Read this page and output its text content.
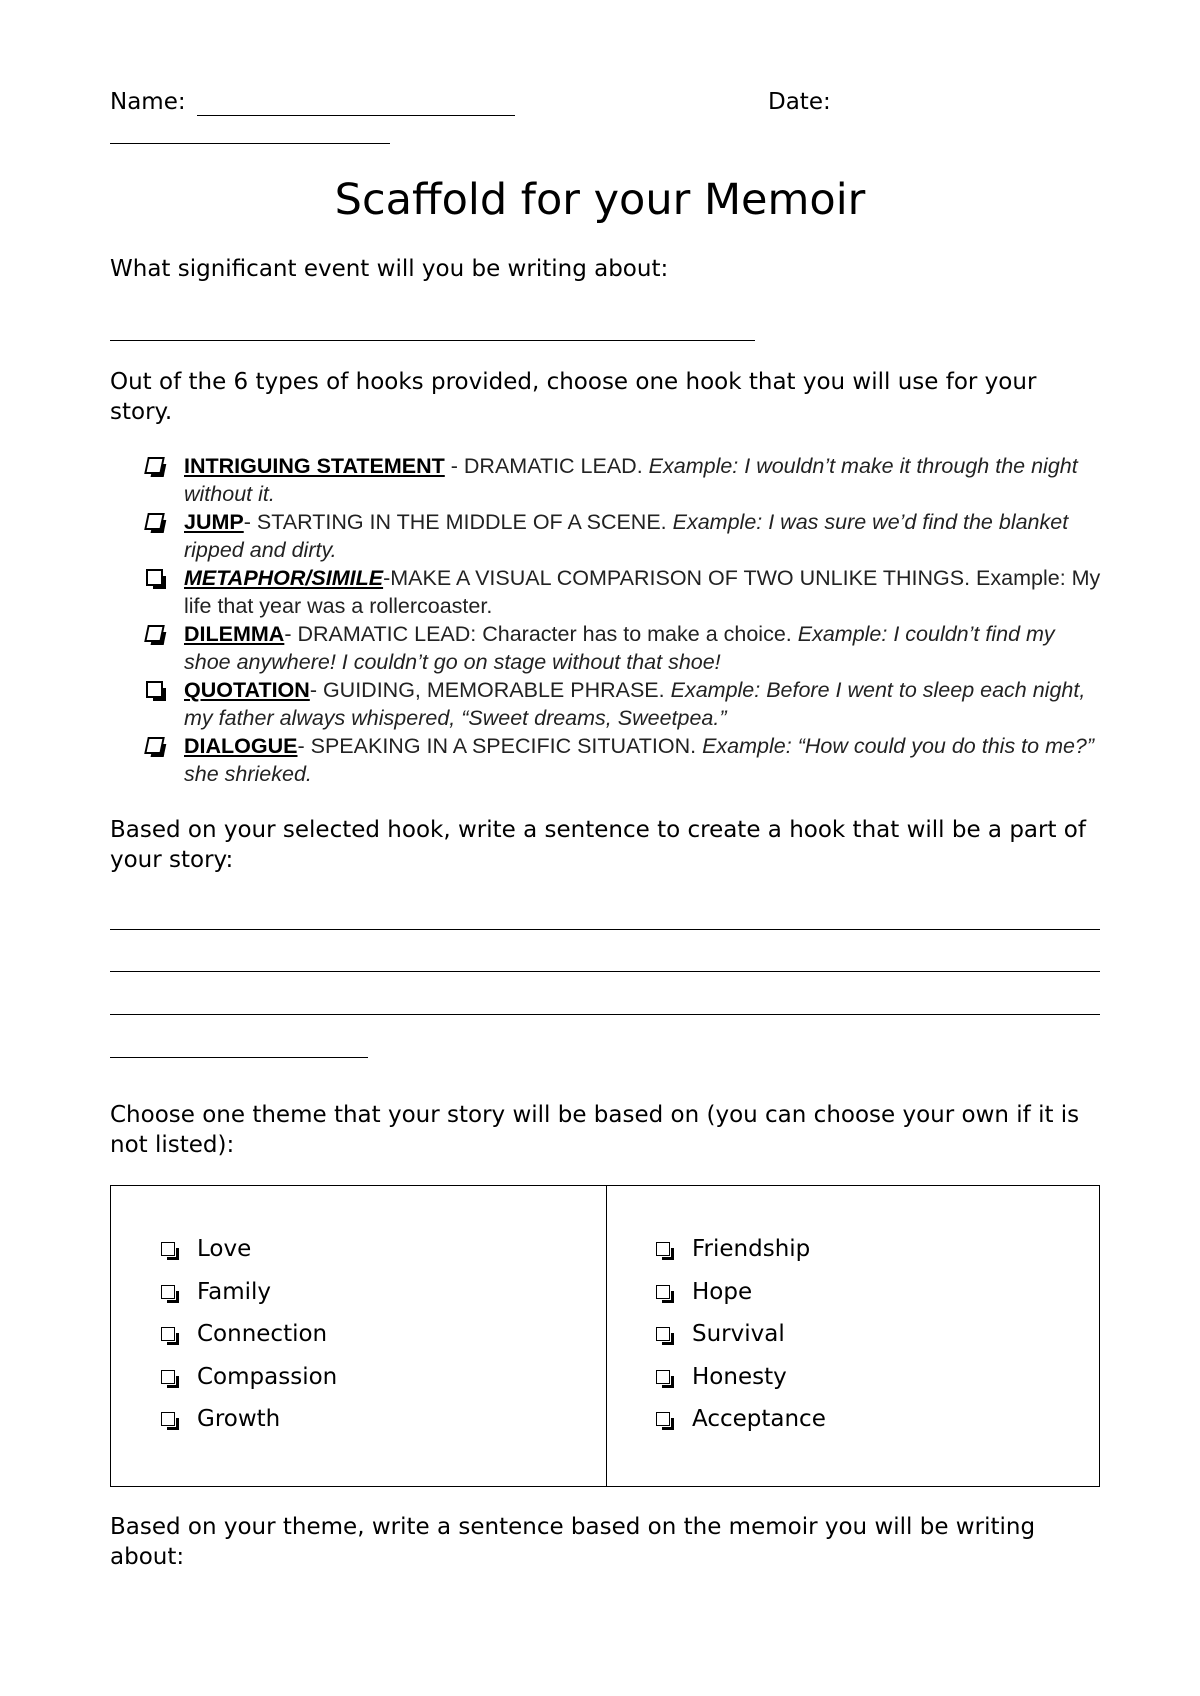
Name:	Date:
Scaffold for your Memoir
What significant event will you be writing about:
Out of the 6 types of hooks provided, choose one hook that you will use for your story.
INTRIGUING STATEMENT - DRAMATIC LEAD. Example: I wouldn’t make it through the night without it.
JUMP- STARTING IN THE MIDDLE OF A SCENE. Example: I was sure we’d find the blanket ripped and dirty.
METAPHOR/SIMILE-MAKE A VISUAL COMPARISON OF TWO UNLIKE THINGS. Example: My life that year was a rollercoaster.
DILEMMA- DRAMATIC LEAD: Character has to make a choice. Example: I couldn’t find my shoe anywhere! I couldn’t go on stage without that shoe!
QUOTATION- GUIDING, MEMORABLE PHRASE. Example: Before I went to sleep each night, my father always whispered, “Sweet dreams, Sweetpea.”
DIALOGUE- SPEAKING IN A SPECIFIC SITUATION. Example: “How could you do this to me?” she shrieked.
Based on your selected hook, write a sentence to create a hook that will be a part of your story:
Choose one theme that your story will be based on (you can choose your own if it is not listed):
Love
Family
Connection
Compassion
Growth
Friendship
Hope
Survival
Honesty
Acceptance
Based on your theme, write a sentence based on the memoir you will be writing about:
